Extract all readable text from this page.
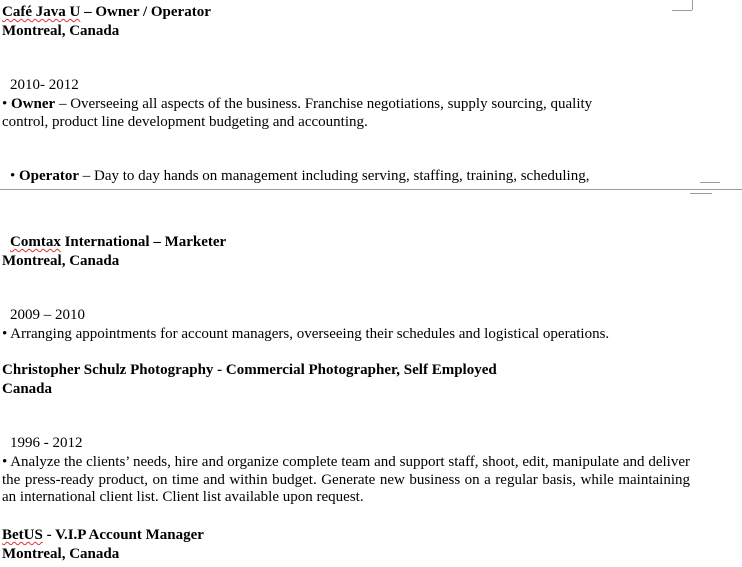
Café Java U – Owner / Operator
Montreal, Canada
2010- 2012
• Owner – Overseeing all aspects of the business. Franchise negotiations, supply sourcing, quality control, product line development budgeting and accounting.
• Operator – Day to day hands on management including serving, staffing, training, scheduling,
Comtax International – Marketer
Montreal, Canada
2009 – 2010
• Arranging appointments for account managers, overseeing their schedules and logistical operations.
Christopher Schulz Photography - Commercial Photographer, Self Employed
Canada
1996 - 2012
• Analyze the clients’ needs, hire and organize complete team and support staff, shoot, edit, manipulate and deliver the press-ready product, on time and within budget. Generate new business on a regular basis, while maintaining an international client list. Client list available upon request.
BetUS - V.I.P Account Manager
Montreal, Canada
